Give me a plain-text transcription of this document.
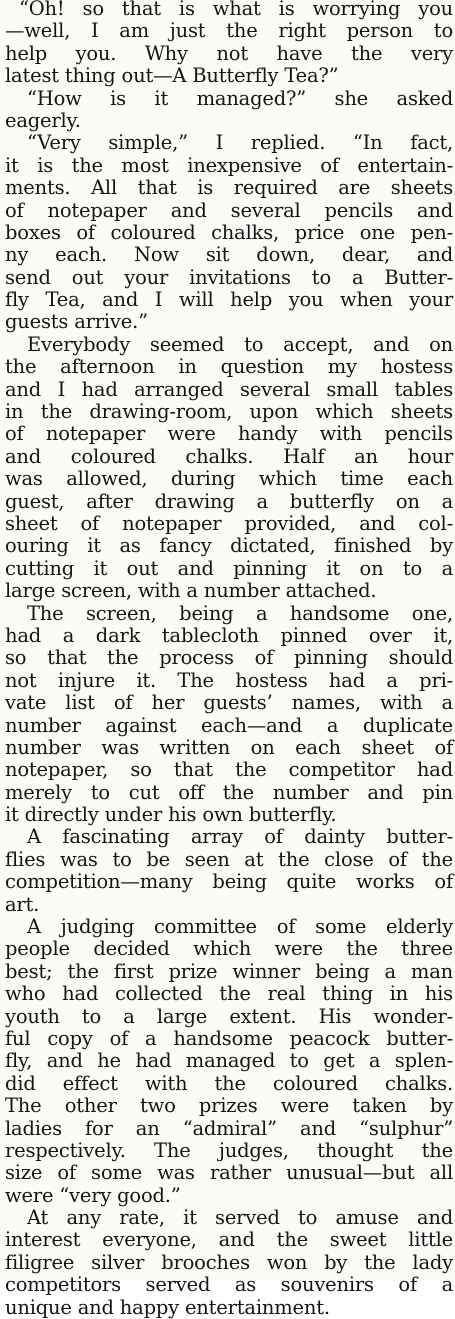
“Oh! so that is what is worrying you
—well, I am just the right person to
help you. Why not have the very
latest thing out—A Butterfly Tea?”
“How is it managed?” she asked
eagerly.
“Very simple,” I replied. “In fact,
it is the most inexpensive of entertain-
ments. All that is required are sheets
of notepaper and several pencils and
boxes of coloured chalks, price one pen-
ny each. Now sit down, dear, and
send out your invitations to a Butter-
fly Tea, and I will help you when your
guests arrive.”
Everybody seemed to accept, and on
the afternoon in question my hostess
and I had arranged several small tables
in the drawing-room, upon which sheets
of notepaper were handy with pencils
and coloured chalks. Half an hour
was allowed, during which time each
guest, after drawing a butterfly on a
sheet of notepaper provided, and col-
ouring it as fancy dictated, finished by
cutting it out and pinning it on to a
large screen, with a number attached.
The screen, being a handsome one,
had a dark tablecloth pinned over it,
so that the process of pinning should
not injure it. The hostess had a pri-
vate list of her guests’ names, with a
number against each—and a duplicate
number was written on each sheet of
notepaper, so that the competitor had
merely to cut off the number and pin
it directly under his own butterfly.
A fascinating array of dainty butter-
flies was to be seen at the close of the
competition—many being quite works of
art.
A judging committee of some elderly
people decided which were the three
best; the first prize winner being a man
who had collected the real thing in his
youth to a large extent. His wonder-
ful copy of a handsome peacock butter-
fly, and he had managed to get a splen-
did effect with the coloured chalks.
The other two prizes were taken by
ladies for an “admiral” and “sulphur”
respectively. The judges, thought the
size of some was rather unusual—but all
were “very good.”
At any rate, it served to amuse and
interest everyone, and the sweet little
filigree silver brooches won by the lady
competitors served as souvenirs of a
unique and happy entertainment.
